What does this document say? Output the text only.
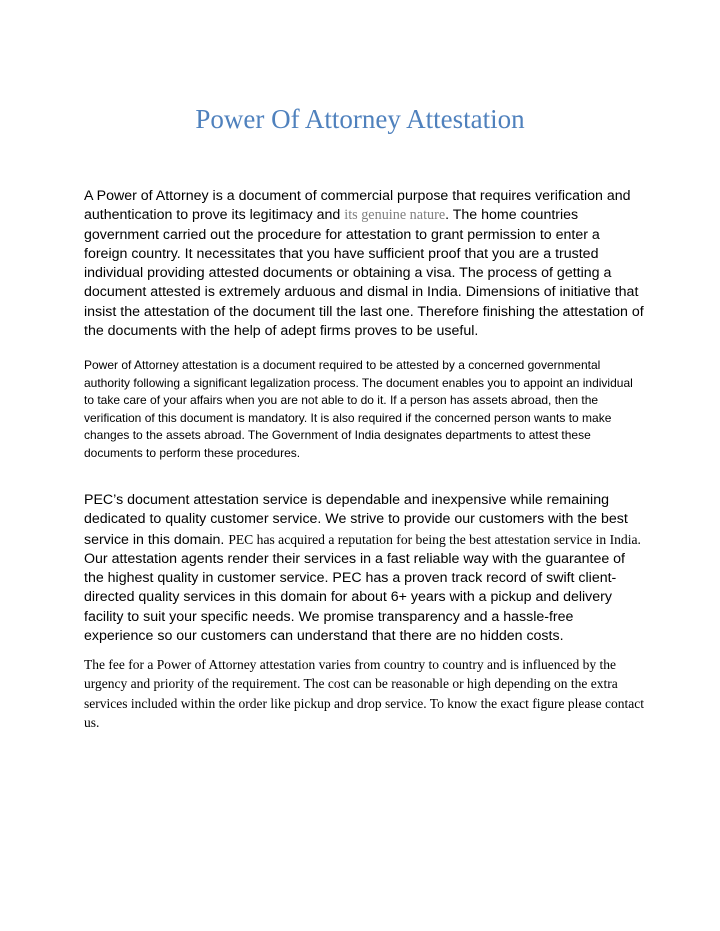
Power Of Attorney Attestation

A Power of Attorney is a document of commercial purpose that requires verification and authentication to prove its legitimacy and its genuine nature. The home countries government carried out the procedure for attestation to grant permission to enter a foreign country. It necessitates that you have sufficient proof that you are a trusted individual providing attested documents or obtaining a visa. The process of getting a document attested is extremely arduous and dismal in India. Dimensions of initiative that insist the attestation of the document till the last one. Therefore finishing the attestation of the documents with the help of adept firms proves to be useful.

Power of Attorney attestation is a document required to be attested by a concerned governmental authority following a significant legalization process. The document enables you to appoint an individual to take care of your affairs when you are not able to do it. If a person has assets abroad, then the verification of this document is mandatory. It is also required if the concerned person wants to make changes to the assets abroad. The Government of India designates departments to attest these documents to perform these procedures.

PEC’s document attestation service is dependable and inexpensive while remaining dedicated to quality customer service. We strive to provide our customers with the best service in this domain. PEC has acquired a reputation for being the best attestation service in India. Our attestation agents render their services in a fast reliable way with the guarantee of the highest quality in customer service. PEC has a proven track record of swift client-directed quality services in this domain for about 6+ years with a pickup and delivery facility to suit your specific needs. We promise transparency and a hassle-free experience so our customers can understand that there are no hidden costs.

The fee for a Power of Attorney attestation varies from country to country and is influenced by the urgency and priority of the requirement. The cost can be reasonable or high depending on the extra services included within the order like pickup and drop service. To know the exact figure please contact us.
